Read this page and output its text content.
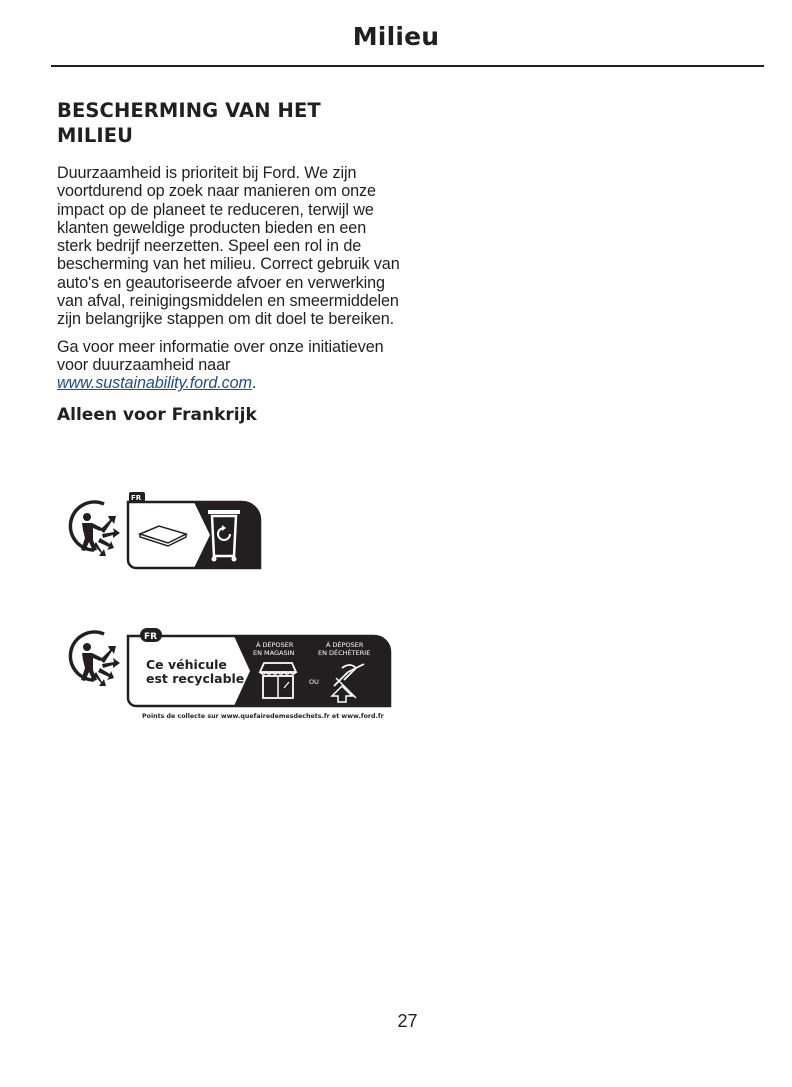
Milieu
BESCHERMING VAN HET MILIEU

Duurzaamheid is prioriteit bij Ford. We zijn voortdurend op zoek naar manieren om onze impact op de planeet te reduceren, terwijl we klanten geweldige producten bieden en een sterk bedrijf neerzetten. Speel een rol in de bescherming van het milieu. Correct gebruik van auto's en geautoriseerde afvoer en verwerking van afval, reinigingsmiddelen en smeermiddelen zijn belangrijke stappen om dit doel te bereiken.

Ga voor meer informatie over onze initiatieven voor duurzaamheid naar www.sustainability.ford.com.

Alleen voor Frankrijk
FR
FR
Ce véhicule
est recyclable
À DÉPOSER
EN MAGASIN
À DÉPOSER
EN DÉCHÈTERIE
OU
Points de collecte sur www.quefairedemesdechets.fr et www.ford.fr
27
